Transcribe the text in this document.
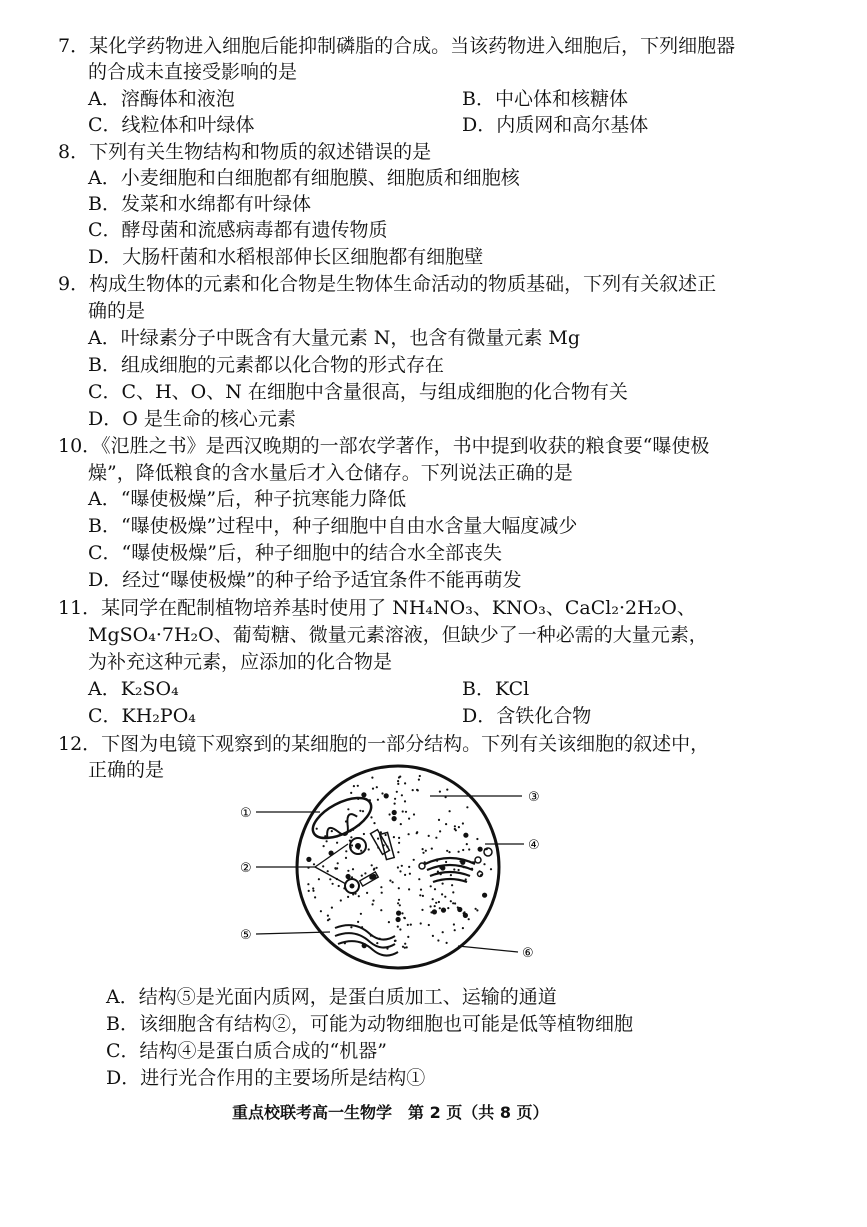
7．某化学药物进入细胞后能抑制磷脂的合成。当该药物进入细胞后，下列细胞器
的合成未直接受影响的是
A．溶酶体和液泡	B．中心体和核糖体
C．线粒体和叶绿体	D．内质网和高尔基体
8．下列有关生物结构和物质的叙述错误的是
A．小麦细胞和白细胞都有细胞膜、细胞质和细胞核
B．发菜和水绵都有叶绿体
C．酵母菌和流感病毒都有遗传物质
D．大肠杆菌和水稻根部伸长区细胞都有细胞壁
9．构成生物体的元素和化合物是生物体生命活动的物质基础，下列有关叙述正
确的是
A．叶绿素分子中既含有大量元素 N，也含有微量元素 Mg
B．组成细胞的元素都以化合物的形式存在
C．C、H、O、N 在细胞中含量很高，与组成细胞的化合物有关
D．O 是生命的核心元素
10．《氾胜之书》是西汉晚期的一部农学著作，书中提到收获的粮食要“曝使极
燥”，降低粮食的含水量后才入仓储存。下列说法正确的是
A．“曝使极燥”后，种子抗寒能力降低
B．“曝使极燥”过程中，种子细胞中自由水含量大幅度减少
C．“曝使极燥”后，种子细胞中的结合水全部丧失
D．经过“曝使极燥”的种子给予适宜条件不能再萌发
11．某同学在配制植物培养基时使用了 NH₄NO₃、KNO₃、CaCl₂·2H₂O、
MgSO₄·7H₂O、葡萄糖、微量元素溶液，但缺少了一种必需的大量元素，
为补充这种元素，应添加的化合物是
A．K₂SO₄	B．KCl
C．KH₂PO₄	D．含铁化合物
12．下图为电镜下观察到的某细胞的一部分结构。下列有关该细胞的叙述中，
正确的是
①
②
③
④
⑤
⑥
A．结构⑤是光面内质网，是蛋白质加工、运输的通道
B．该细胞含有结构②，可能为动物细胞也可能是低等植物细胞
C．结构④是蛋白质合成的“机器”
D．进行光合作用的主要场所是结构①
重点校联考高一生物学　第 2 页（共 8 页）
